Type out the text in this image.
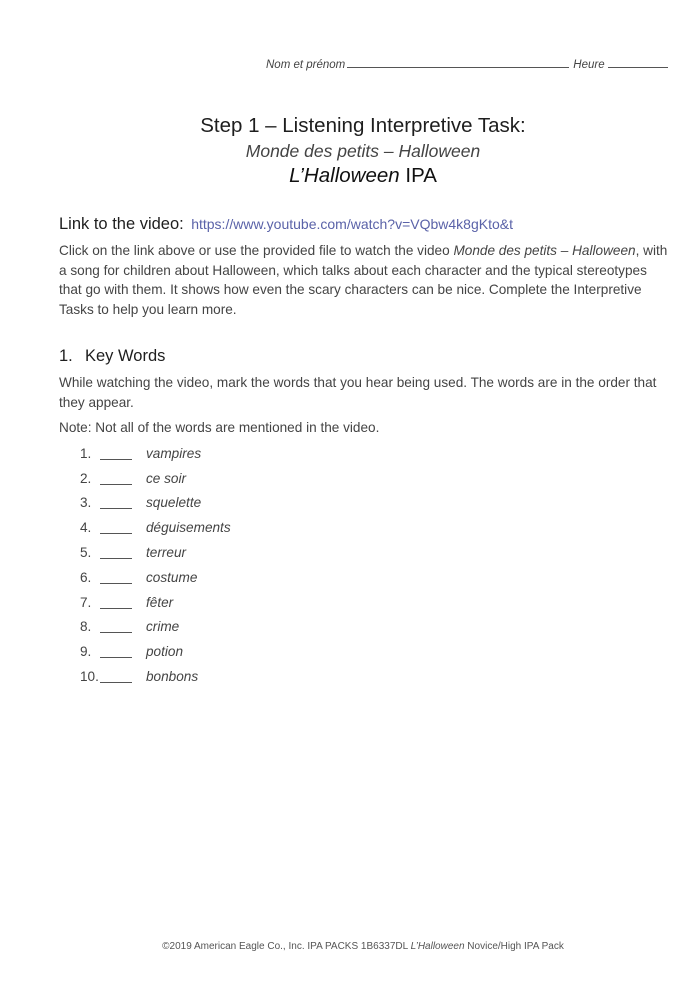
Nom et prénom	Heure
Step 1 – Listening Interpretive Task:
Monde des petits – Halloween
L’Halloween IPA
Link to the video: https://www.youtube.com/watch?v=VQbw4k8gKto&t
Click on the link above or use the provided file to watch the video Monde des petits – Halloween, with a song for children about Halloween, which talks about each character and the typical stereotypes that go with them. It shows how even the scary characters can be nice. Complete the Interpretive Tasks to help you learn more.
1. Key Words
While watching the video, mark the words that you hear being used. The words are in the order that they appear.
Note: Not all of the words are mentioned in the video.
1.	vampires
2.	ce soir
3.	squelette
4.	déguisements
5.	terreur
6.	costume
7.	fêter
8.	crime
9.	potion
10.	bonbons
©2019 American Eagle Co., Inc. IPA PACKS 1B6337DL L’Halloween Novice/High IPA Pack
